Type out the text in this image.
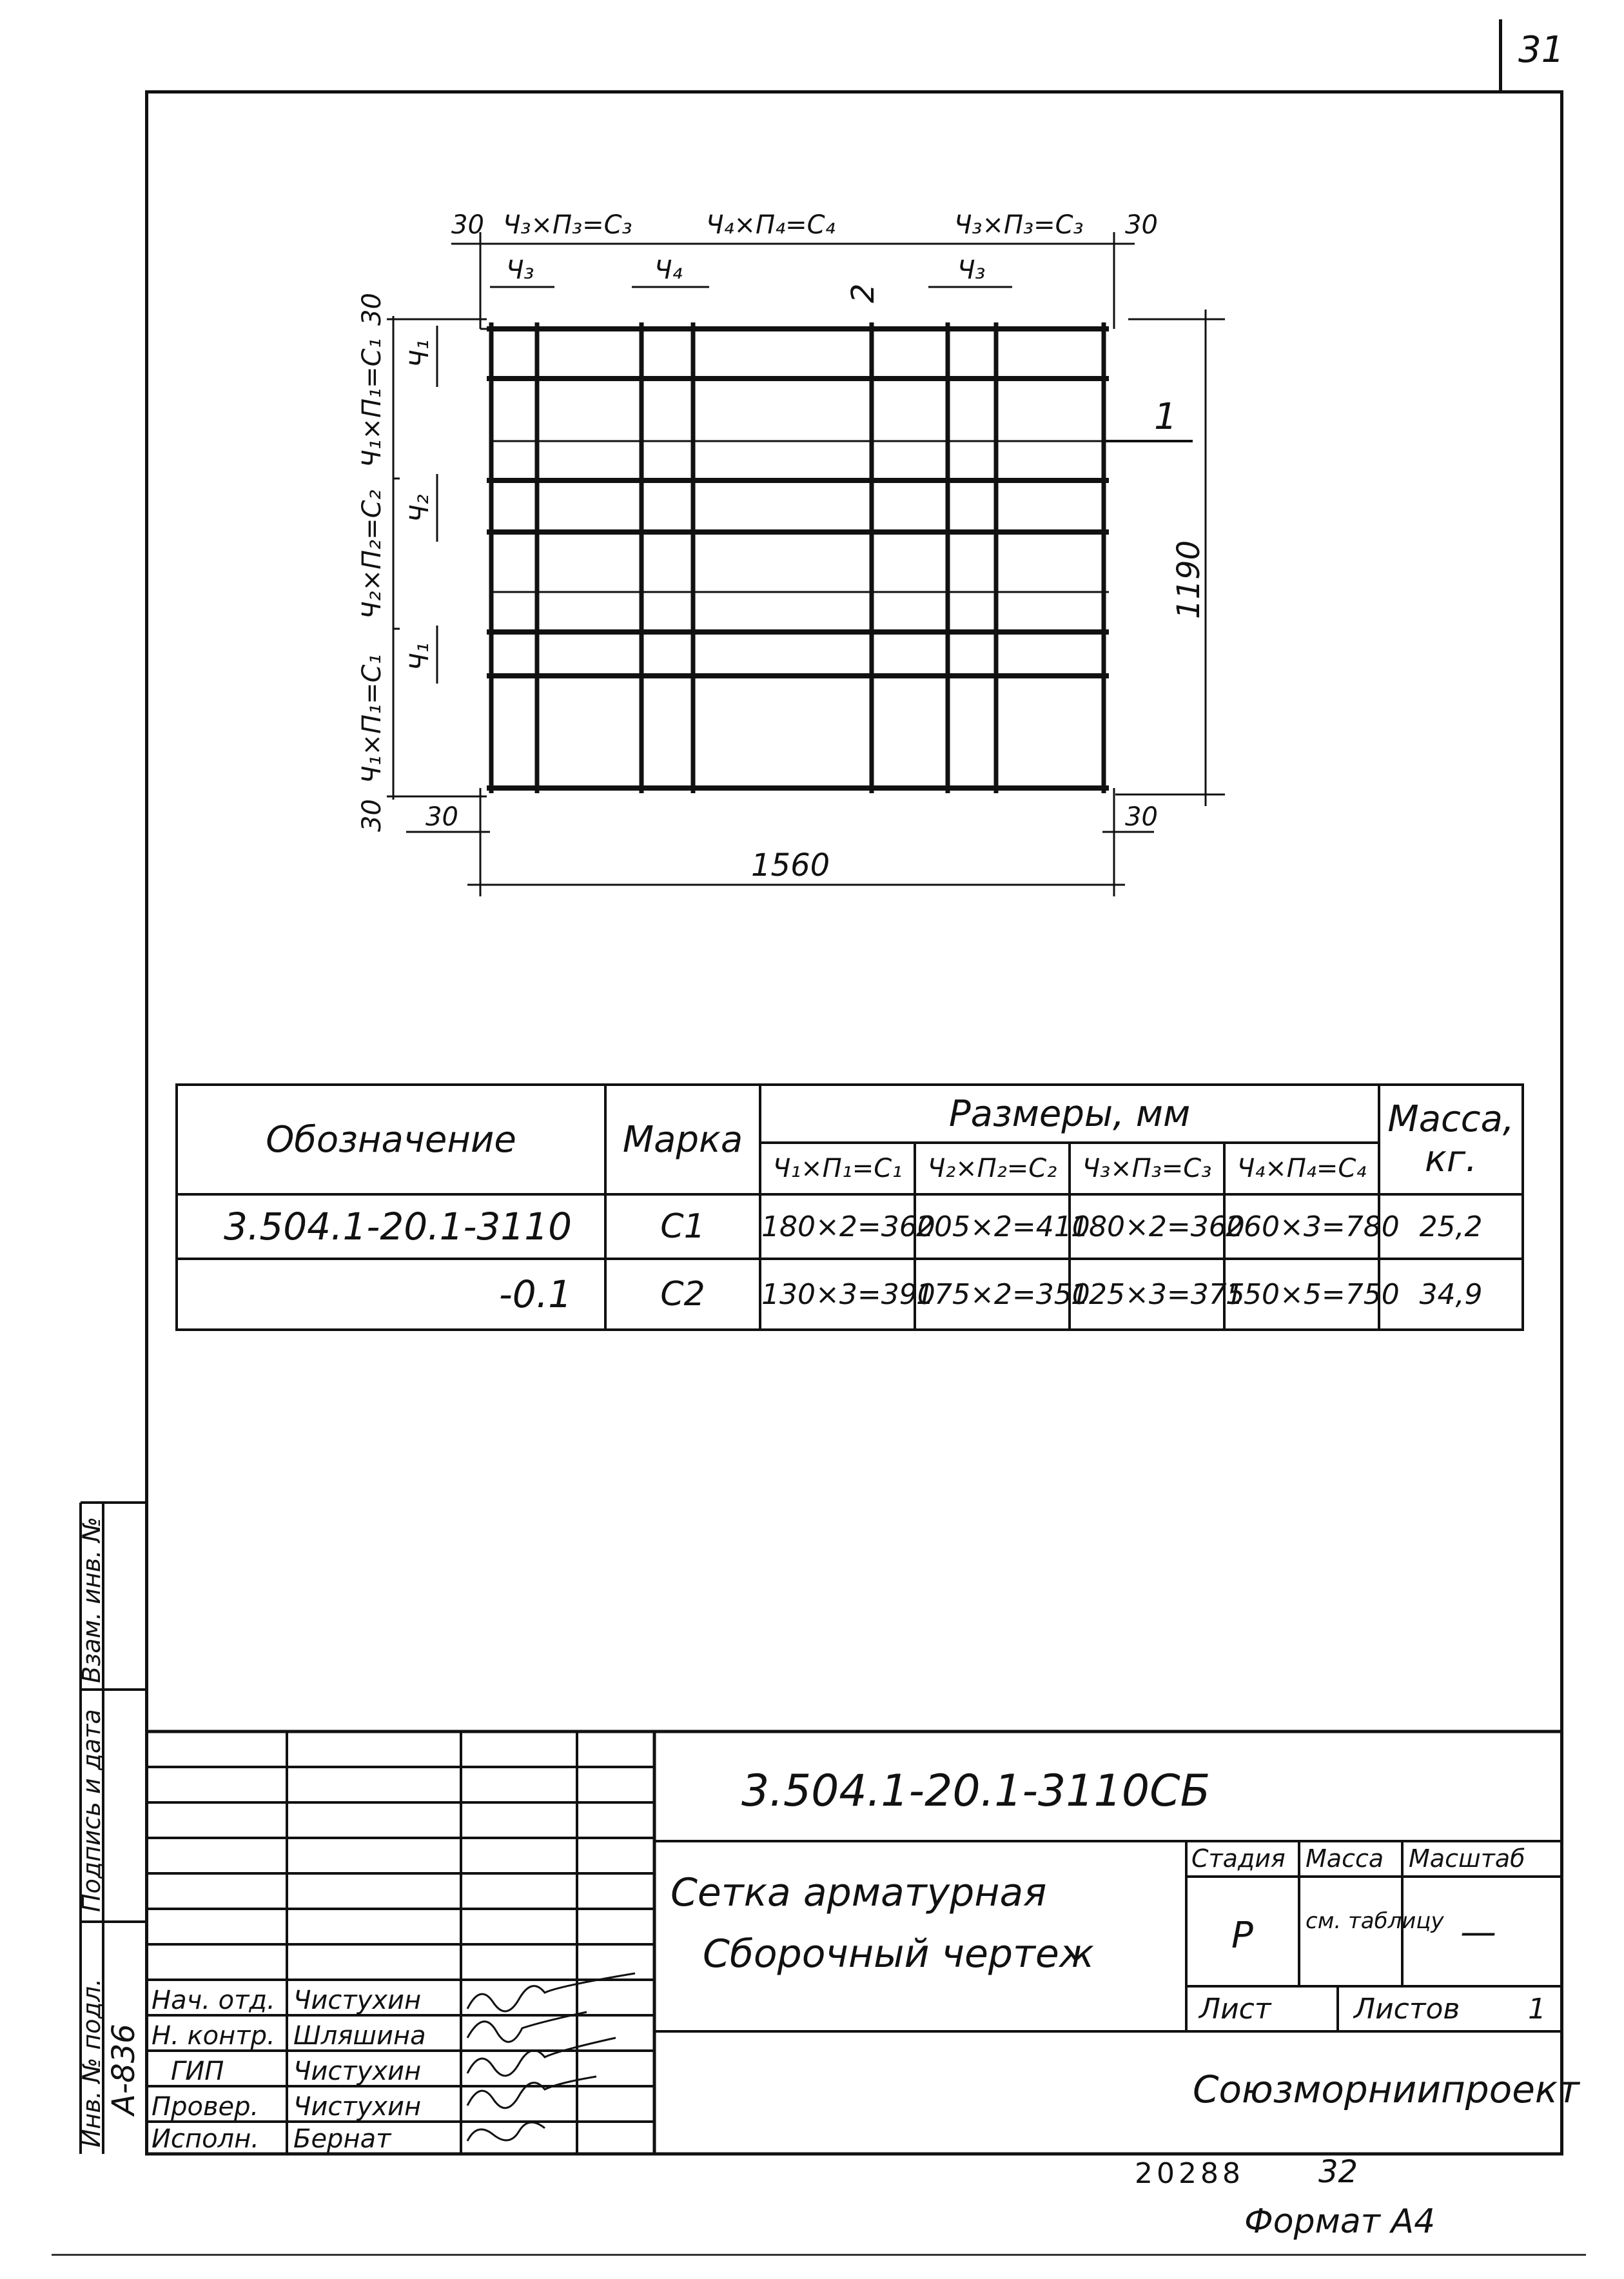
31
30 Ч₃×П₃=С₃	Ч₄×П₄=С₄	Ч₃×П₃=С₃ 30
Ч₃	Ч₄	Ч₃
2
1
30
Ч₁×П₁=С₁
Ч₂×П₂=С₂
Ч₁×П₁=С₁
30
Ч₁
Ч₂
Ч₁
30	30
1190
1560
Обозначение	Марка	Размеры, мм				Масса, кг.
		Ч₁×П₁=С₁	Ч₂×П₂=С₂	Ч₃×П₃=С₃	Ч₄×П₄=С₄	
3.504.1-20.1-3110	С1	180×2=360	205×2=410	180×2=360	260×3=780	25,2
-0.1	С2	130×3=390	175×2=350	125×3=375	150×5=750	34,9
Взам. инв. №
Подпись и дата
Инв. № подл. А-836
Нач. отд. Чистухин
Н. контр. Шляшина
ГИП	Чистухин
Провер. Чистухин
Исполн. Бернат
3.504.1-20.1-3110СБ
Сетка арматурная
Сборочный чертеж
Стадия Масса Масштаб
Р см. таблицу —
Лист	Листов 1
Союзморниипроект
20288 32
Формат А4
